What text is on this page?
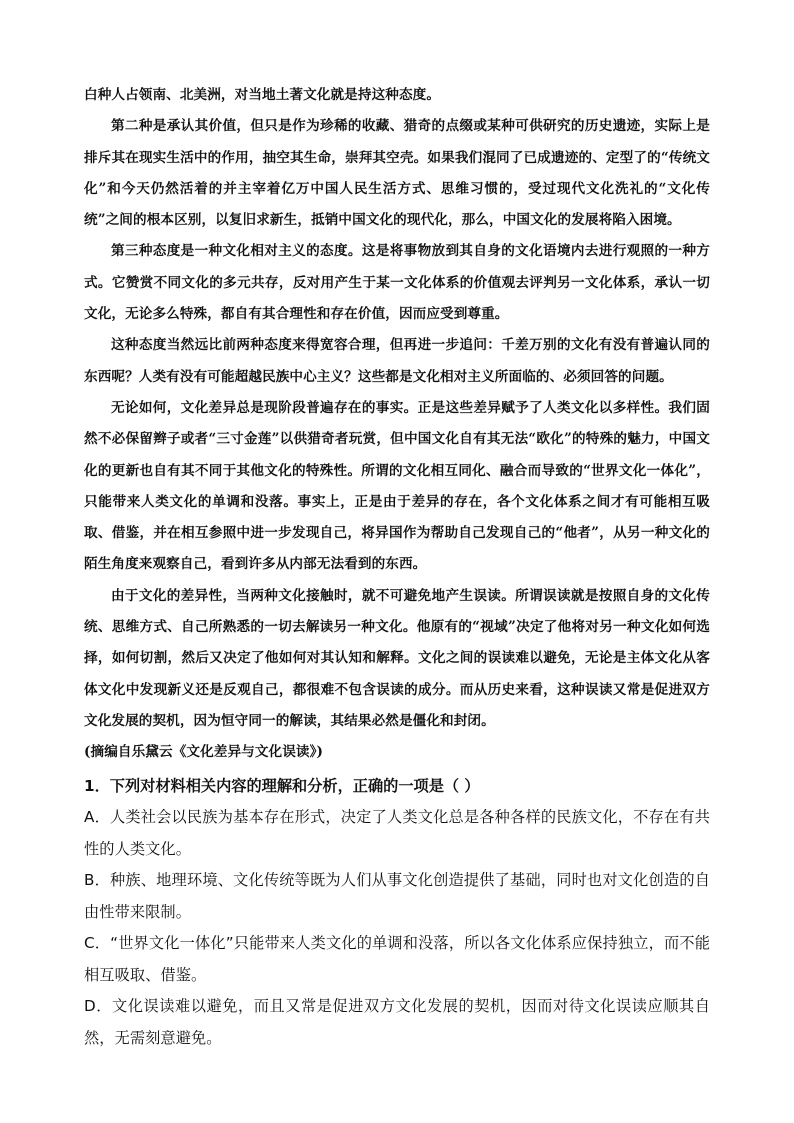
白种人占领南、北美洲，对当地土著文化就是持这种态度。

第二种是承认其价值，但只是作为珍稀的收藏、猎奇的点缀或某种可供研究的历史遗迹，实际上是排斥其在现实生活中的作用，抽空其生命，崇拜其空壳。如果我们混同了已成遗迹的、定型了的“传统文化”和今天仍然活着的并主宰着亿万中国人民生活方式、思维习惯的，受过现代文化洗礼的“文化传统”之间的根本区别，以复旧求新生，抵销中国文化的现代化，那么，中国文化的发展将陷入困境。

第三种态度是一种文化相对主义的态度。这是将事物放到其自身的文化语境内去进行观照的一种方式。它赞赏不同文化的多元共存，反对用产生于某一文化体系的价值观去评判另一文化体系，承认一切文化，无论多么特殊，都自有其合理性和存在价值，因而应受到尊重。

这种态度当然远比前两种态度来得宽容合理，但再进一步追问：千差万别的文化有没有普遍认同的东西呢？人类有没有可能超越民族中心主义？这些都是文化相对主义所面临的、必须回答的问题。

无论如何，文化差异总是现阶段普遍存在的事实。正是这些差异赋予了人类文化以多样性。我们固然不必保留辫子或者“三寸金莲”以供猎奇者玩赏，但中国文化自有其无法“欧化”的特殊的魅力，中国文化的更新也自有其不同于其他文化的特殊性。所谓的文化相互同化、融合而导致的“世界文化一体化”，只能带来人类文化的单调和没落。事实上，正是由于差异的存在，各个文化体系之间才有可能相互吸取、借鉴，并在相互参照中进一步发现自己，将异国作为帮助自己发现自己的“他者”，从另一种文化的陌生角度来观察自己，看到许多从内部无法看到的东西。

由于文化的差异性，当两种文化接触时，就不可避免地产生误读。所谓误读就是按照自身的文化传统、思维方式、自己所熟悉的一切去解读另一种文化。他原有的“视域”决定了他将对另一种文化如何选择，如何切割，然后又决定了他如何对其认知和解释。文化之间的误读难以避免，无论是主体文化从客体文化中发现新义还是反观自己，都很难不包含误读的成分。而从历史来看，这种误读又常是促进双方文化发展的契机，因为恒守同一的解读，其结果必然是僵化和封闭。

(摘编自乐黛云《文化差异与文化误读》)

1．下列对材料相关内容的理解和分析，正确的一项是（ ）

A．人类社会以民族为基本存在形式，决定了人类文化总是各种各样的民族文化，不存在有共性的人类文化。

B．种族、地理环境、文化传统等既为人们从事文化创造提供了基础，同时也对文化创造的自由性带来限制。

C．“世界文化一体化”只能带来人类文化的单调和没落，所以各文化体系应保持独立，而不能相互吸取、借鉴。

D．文化误读难以避免，而且又常是促进双方文化发展的契机，因而对待文化误读应顺其自然，无需刻意避免。
